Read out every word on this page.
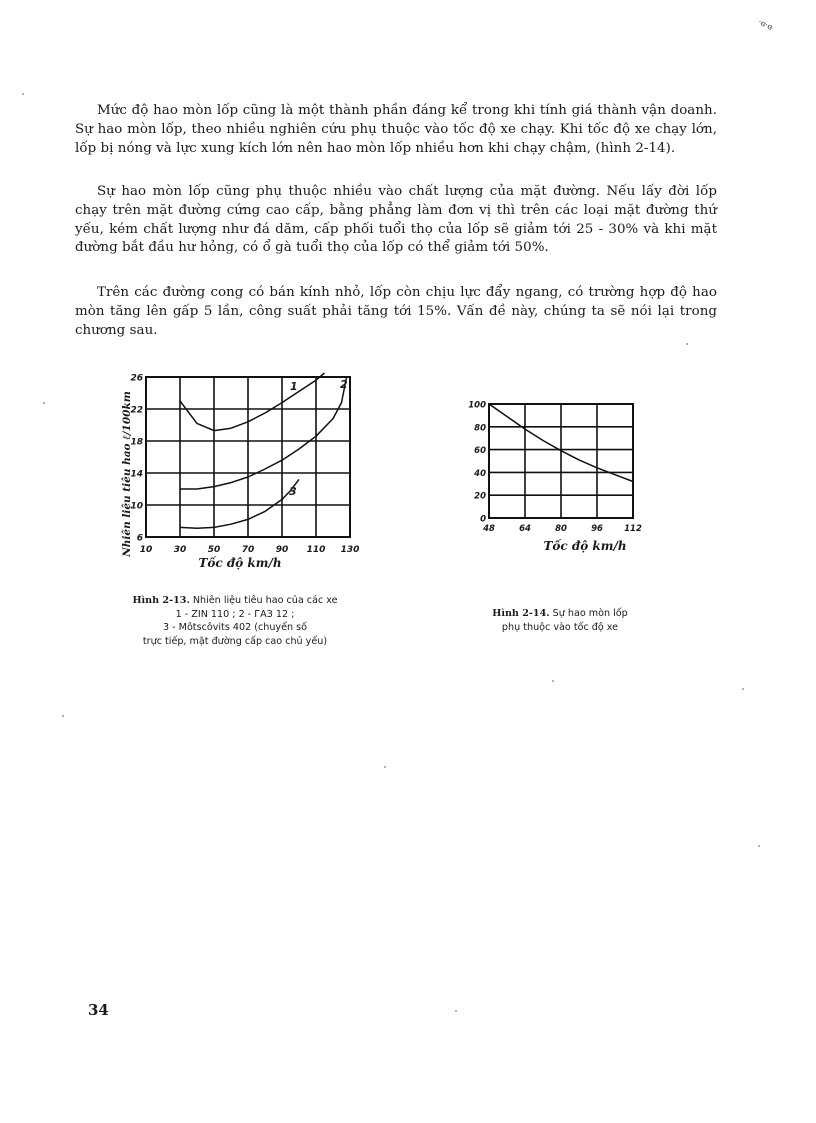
·ɞ·ɞ

Mức độ hao mòn lốp cũng là một thành phần đáng kể trong khi tính giá thành vận doanh. Sự hao mòn lốp, theo nhiều nghiên cứu phụ thuộc vào tốc độ xe chạy. Khi tốc độ xe chạy lớn, lốp bị nóng và lực xung kích lớn nên hao mòn lốp nhiều hơn khi chạy chậm, (hình 2-14).

Sự hao mòn lốp cũng phụ thuộc nhiều vào chất lượng của mặt đường. Nếu lấy đời lốp chạy trên mặt đường cứng cao cấp, bằng phẳng làm đơn vị thì trên các loại mặt đường thứ yếu, kém chất lượng như đá dăm, cấp phối tuổi thọ của lốp sẽ giảm tới 25 - 30% và khi mặt đường bắt đầu hư hỏng, có ổ gà tuổi thọ của lốp có thể giảm tới 50%.

Trên các đường cong có bán kính nhỏ, lốp còn chịu lực đẩy ngang, có trường hợp độ hao mòn tăng lên gấp 5 lần, công suất phải tăng tới 15%. Vấn đề này, chúng ta sẽ nói lại trong chương sau.

10 30 50 70 90 110 130
6
10
14
18
22
26
1	2
3
Tốc độ km/h
Nhiên liệu tiêu hao ℓ/100km	48	64	80	96 112
0
20
40
60
80
100
Tốc độ km/h

Hình 2-13. Nhiên liệu tiêu hao của các xe
1 - ZIN 110 ; 2 - ГАЗ 12 ;
3 - Môtscôvits 402 (chuyển số
trực tiếp, mặt đường cấp cao chủ yếu)

Hình 2-14. Sự hao mòn lốp
phụ thuộc vào tốc độ xe

34
